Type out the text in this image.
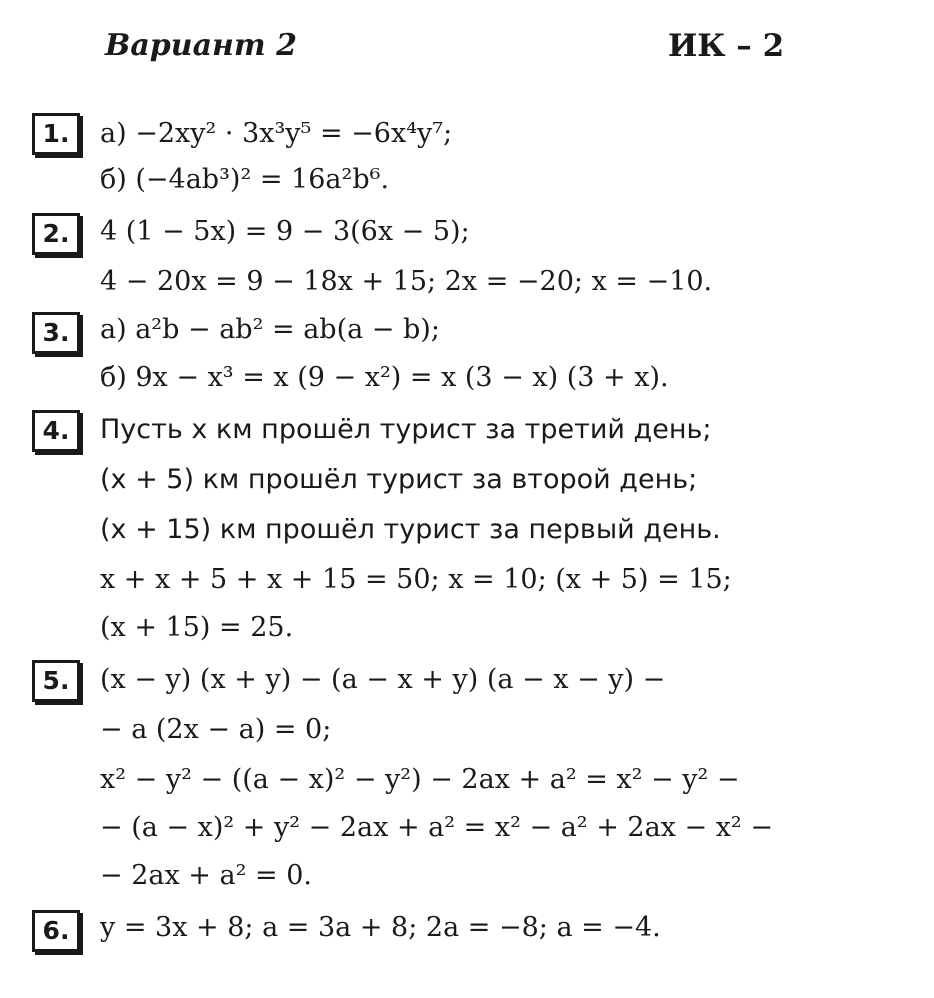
Вариант 2	ИК – 2
1.	а) −2xy² · 3x³y⁵ = −6x⁴y⁷;
б) (−4ab³)² = 16a²b⁶.
2.	4 (1 − 5x) = 9 − 3(6x − 5);
4 − 20x = 9 − 18x + 15; 2x = −20; x = −10.
3.	а) a²b − ab² = ab(a − b);
б) 9x − x³ = x (9 − x²) = x (3 − x) (3 + x).
4.	Пусть x км прошёл турист за третий день;
(x + 5) км прошёл турист за второй день;
(x + 15) км прошёл турист за первый день.
x + x + 5 + x + 15 = 50; x = 10; (x + 5) = 15;
(x + 15) = 25.
5.	(x − y) (x + y) − (a − x + y) (a − x − y) −
− a (2x − a) = 0;
x² − y² − ((a − x)² − y²) − 2ax + a² = x² − y² −
− (a − x)² + y² − 2ax + a² = x² − a² + 2ax − x² −
− 2ax + a² = 0.
6.	y = 3x + 8; a = 3a + 8; 2a = −8; a = −4.
